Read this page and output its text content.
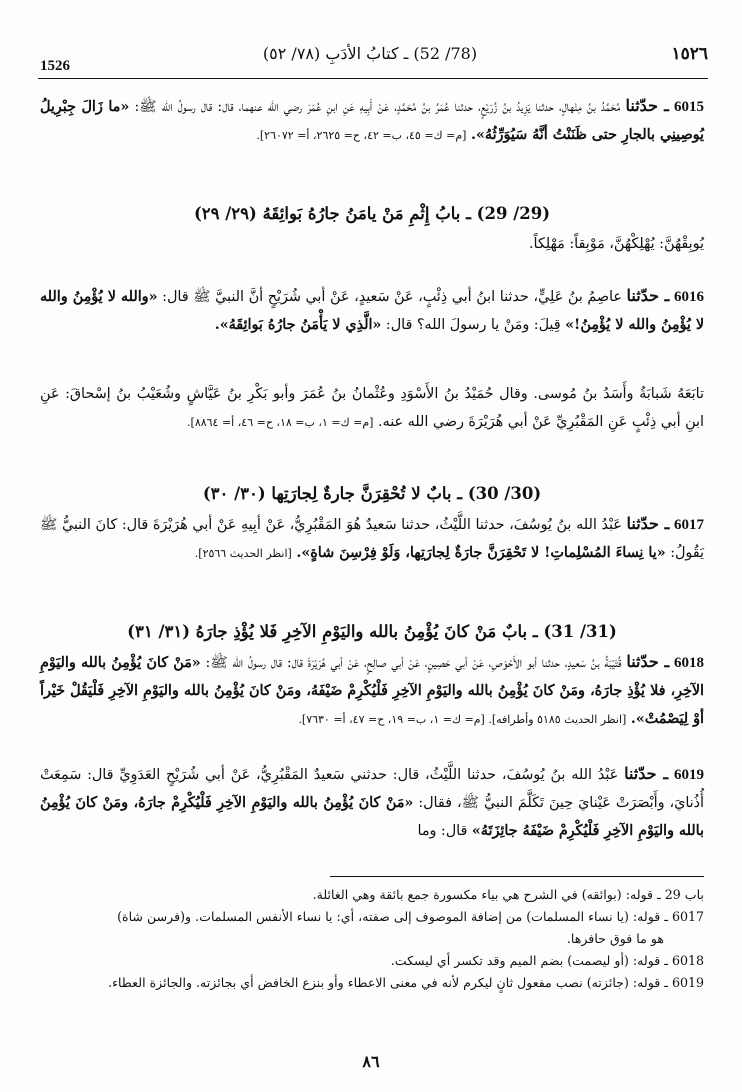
1526
(78/ 52) ـ كتابُ الأدَبِ (٧٨/ ٥٢)	١٥٢٦
6015 ـ حدّثنا مُحَمَّدُ بنُ مِنْهالٍ، حدثنا يَزِيدُ بنُ زُرَيْعٍ، حدثنا عُمَرُ بنُ مُحَمَّدٍ، عَنْ أَبِيهِ عَنِ ابنِ عُمَرَ رضي الله عنهما، قال: قال رسولُ الله ﷺ: «ما زَالَ جِبْرِيلُ يُوصِينِي بالجارِ حتى ظَنَنْتُ أنَّهُ سَيُوَرِّثُهُ». [م= ك= ٤٥، ب= ٤٢، ح= ٢٦٢٥، أ= ٢٦٠٧٢].
(29/ 29) ـ بابُ إِثْمِ مَنْ يامَنُ جارُهُ بَوائِقَهُ (٢٩/ ٢٩)
يُوبِقْهُنَّ: يُهْلِكْهُنَّ، مَوْبِقاً: مَهْلِكاً.
6016 ـ حدّثنا عاصِمُ بنُ عَلِيٍّ، حدثنا ابنُ أبي ذِئْبٍ، عَنْ سَعيدٍ، عَنْ أبي شُرَيْحٍ أنَّ النبيَّ ﷺ قال: «والله لا يُؤْمِنُ والله لا يُؤْمِنُ والله لا يُؤْمِنُ!» قِيلَ: ومَنْ يا رسولَ الله؟ قال: «الَّذِي لا يَأْمَنُ جارُهُ بَوائِقَهُ».
تابَعَهُ شَبابَةُ وأَسَدُ بنُ مُوسى. وقال حُمَيْدُ بنُ الأَسْوَدِ وعُثْمانُ بنُ عُمَرَ وأبو بَكْرِ بنُ عَيَّاشٍ وشُعَيْبُ بنُ إسْحاقَ: عَنِ ابنِ أبي ذِئْبٍ عَنِ المَقْبُرِيِّ عَنْ أبي هُرَيْرَةَ رضي الله عنه. [م= ك= ١، ب= ١٨، ح= ٤٦، أ= ٨٨٦٤].
(30/ 30) ـ بابٌ لا تُحْقِرَنَّ جارةٌ لِجارَتِها (٣٠/ ٣٠)
6017 ـ حدّثنا عَبْدُ الله بنُ يُوسُفَ، حدثنا اللَّيْثُ، حدثنا سَعيدٌ هُوَ المَقْبُرِيُّ، عَنْ أبِيهِ عَنْ أبي هُرَيْرَةَ قال: كانَ النبيُّ ﷺ يَقُولُ: «يا نِساءَ المُسْلِماتِ! لا تَحْقِرَنَّ جارَةٌ لِجارَتِها، وَلَوْ فِرْسِنَ شاةٍ». [انظر الحديث ٢٥٦٦].
(31/ 31) ـ بابٌ مَنْ كانَ يُؤْمِنُ بالله واليَوْمِ الآخِرِ فَلا يُؤْذِ جارَهُ (٣١/ ٣١)
6018 ـ حدّثنا قُتَيْبَةُ بنُ سَعيدٍ، حدثنا أبو الأَحْوَصِ، عَنْ أبي حَصِينٍ، عَنْ أبي صالِحٍ، عَنْ أبي هُرَيْرَةَ قال: قال رسولُ الله ﷺ: «مَنْ كانَ يُؤْمِنُ بالله واليَوْمِ الآخِرِ، فلا يُؤْذِ جارَهُ، ومَنْ كانَ يُؤْمِنُ بالله واليَوْمِ الآخِرِ فَلْيُكْرِمْ ضَيْفَهُ، ومَنْ كانَ يُؤْمِنُ بالله واليَوْمِ الآخِرِ فَلْيَقُلْ خَيْراً أوْ لِيَصْمُتْ». [انظر الحديث ٥١٨٥ وأطرافه]. [م= ك= ١، ب= ١٩، ح= ٤٧، أ= ٧٦٣٠].
6019 ـ حدّثنا عَبْدُ الله بنُ يُوسُفَ، حدثنا اللَّيْثُ، قال: حدثني سَعيدٌ المَقْبُرِيُّ، عَنْ أبي شُرَيْحٍ العَدَوِيِّ قال: سَمِعَتْ أُذُنايَ، وأَبْصَرَتْ عَيْنايَ حِينَ تَكَلَّمَ النبيُّ ﷺ، فقال: «مَنْ كانَ يُؤْمِنُ بالله واليَوْمِ الآخِرِ فَلْيُكْرِمْ جارَهُ، ومَنْ كانَ يُؤْمِنُ بالله واليَوْمِ الآخِرِ فَلْيُكْرِمْ ضَيْفَهُ جائِزَتَهُ» قال: وما
باب 29 ـ قوله: (بوائقه) في الشرح هي بياء مكسورة جمع بائقة وهي الغائلة.
6017 ـ قوله: (يا نساء المسلمات) من إضافة الموصوف إلى صفته، أي: يا نساء الأنفس المسلمات. و(فرسن شاة)
هو ما فوق حافرها.
6018 ـ قوله: (أو ليصمت) بضم الميم وقد تكسر أي ليسكت.
6019 ـ قوله: (جائزته) نصب مفعول ثانٍ ليكرم لأنه في معنى الاعطاء وأو بنزع الخافض أي بجائزته. والجائزة العطاء.
٨٦
